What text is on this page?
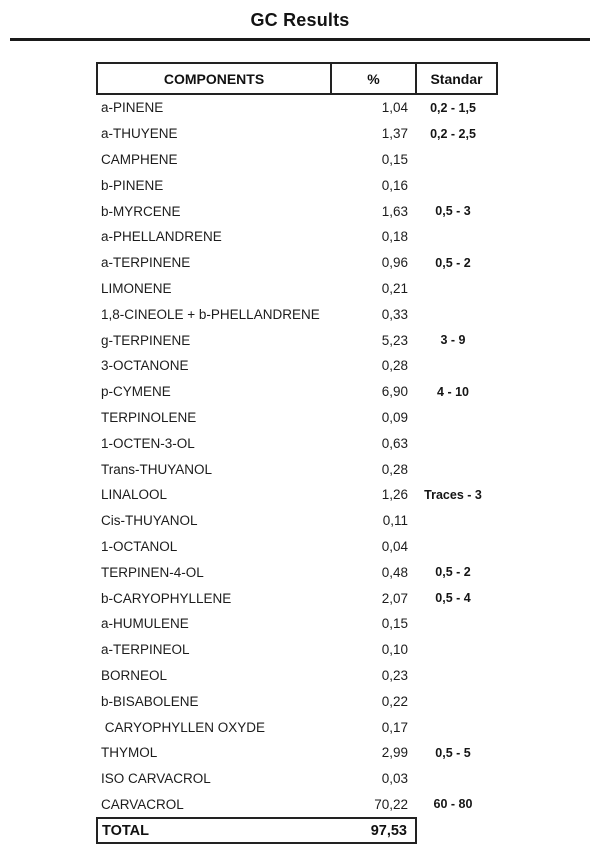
GC Results
COMPONENTS	%	Standar
a-PINENE	1,04	0,2 - 1,5
a-THUYENE	1,37	0,2 - 2,5
CAMPHENE	0,15
b-PINENE	0,16
b-MYRCENE	1,63	0,5 - 3
a-PHELLANDRENE	0,18
a-TERPINENE	0,96	0,5 - 2
LIMONENE	0,21
1,8-CINEOLE + b-PHELLANDRENE	0,33
g-TERPINENE	5,23	3 - 9
3-OCTANONE	0,28
p-CYMENE	6,90	4 - 10
TERPINOLENE	0,09
1-OCTEN-3-OL	0,63
Trans-THUYANOL	0,28
LINALOOL	1,26	Traces - 3
Cis-THUYANOL	0,11
1-OCTANOL	0,04
TERPINEN-4-OL	0,48	0,5 - 2
b-CARYOPHYLLENE	2,07	0,5 - 4
a-HUMULENE	0,15
a-TERPINEOL	0,10
BORNEOL	0,23
b-BISABOLENE	0,22
CARYOPHYLLEN OXYDE	0,17
THYMOL	2,99	0,5 - 5
ISO CARVACROL	0,03
CARVACROL	70,22	60 - 80
TOTAL	97,53
